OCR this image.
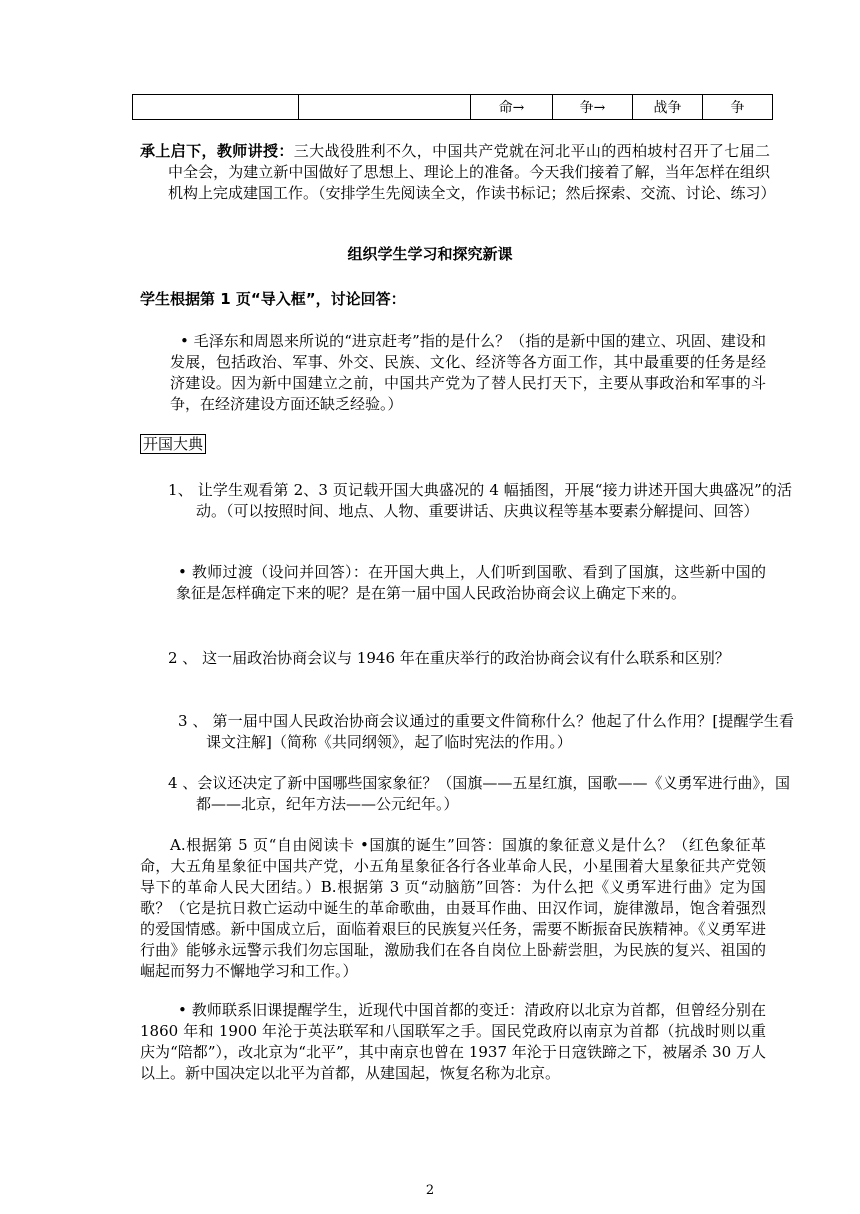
		命→	争→	战争	争
承上启下，教师讲授：三大战役胜利不久，中国共产党就在河北平山的西柏坡村召开了七届二中全会，为建立新中国做好了思想上、理论上的准备。今天我们接着了解，当年怎样在组织机构上完成建国工作。（安排学生先阅读全文，作读书标记；然后探索、交流、讨论、练习）
组织学生学习和探究新课
学生根据第 1 页“导入框”，讨论回答：
• 毛泽东和周恩来所说的“进京赶考”指的是什么？（指的是新中国的建立、巩固、建设和发展，包括政治、军事、外交、民族、文化、经济等各方面工作，其中最重要的任务是经济建设。因为新中国建立之前，中国共产党为了替人民打天下，主要从事政治和军事的斗争，在经济建设方面还缺乏经验。）
开国大典
1、 让学生观看第 2、3 页记载开国大典盛况的 4 幅插图，开展“接力讲述开国大典盛况”的活动。（可以按照时间、地点、人物、重要讲话、庆典议程等基本要素分解提问、回答）
• 教师过渡（设问并回答）：在开国大典上，人们听到国歌、看到了国旗，这些新中国的象征是怎样确定下来的呢？是在第一届中国人民政治协商会议上确定下来的。
2 、 这一届政治协商会议与 1946 年在重庆举行的政治协商会议有什么联系和区别？
3 、 第一届中国人民政治协商会议通过的重要文件简称什么？他起了什么作用？[提醒学生看课文注解]（简称《共同纲领》，起了临时宪法的作用。）
4 、会议还决定了新中国哪些国家象征？（国旗——五星红旗，国歌——《义勇军进行曲》，国都——北京，纪年方法——公元纪年。）
A.根据第 5 页“自由阅读卡 •国旗的诞生”回答：国旗的象征意义是什么？（红色象征革命，大五角星象征中国共产党，小五角星象征各行各业革命人民，小星围着大星象征共产党领导下的革命人民大团结。）B.根据第 3 页“动脑筋”回答：为什么把《义勇军进行曲》定为国歌？（它是抗日救亡运动中诞生的革命歌曲，由聂耳作曲、田汉作词，旋律激昂，饱含着强烈的爱国情感。新中国成立后，面临着艰巨的民族复兴任务，需要不断振奋民族精神。《义勇军进行曲》能够永远警示我们勿忘国耻，激励我们在各自岗位上卧薪尝胆，为民族的复兴、祖国的崛起而努力不懈地学习和工作。）
• 教师联系旧课提醒学生，近现代中国首都的变迁：清政府以北京为首都，但曾经分别在 1860 年和 1900 年沦于英法联军和八国联军之手。国民党政府以南京为首都（抗战时则以重庆为“陪都”），改北京为“北平”，其中南京也曾在 1937 年沦于日寇铁蹄之下，被屠杀 30 万人以上。新中国决定以北平为首都，从建国起，恢复名称为北京。
2
